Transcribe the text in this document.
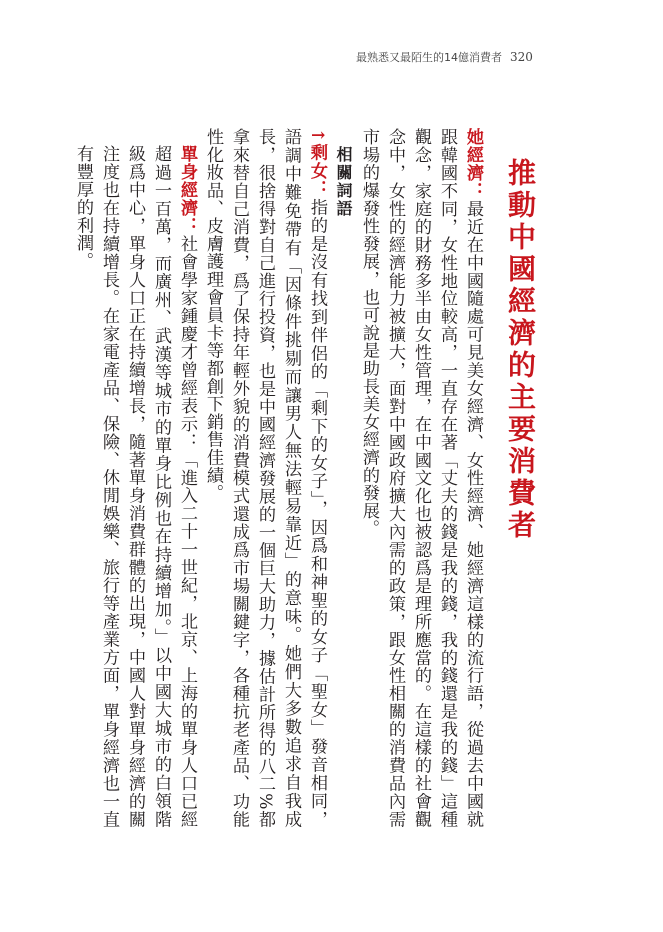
最熟悉又最陌生的14億消費者 320

推動中國經濟的主要消費者

她經濟：最近在中國隨處可見美女經濟、女性經濟、她經濟這樣的流行語，從過去中國就跟韓國不同，女性地位較高，一直存在著「丈夫的錢是我的錢，我的錢還是我的錢」這種觀念，家庭的財務多半由女性管理，在中國文化也被認爲是理所應當的。在這樣的社會觀念中，女性的經濟能力被擴大，面對中國政府擴大內需的政策，跟女性相關的消費品內需市場的爆發性發展，也可說是助長美女經濟的發展。

相關詞語

↑剩女：指的是沒有找到伴侶的「剩下的女子」，因爲和神聖的女子「聖女」發音相同，語調中難免帶有「因條件挑剔而讓男人無法輕易靠近」的意味。她們大多數追求自我成長，很捨得對自己進行投資，也是中國經濟發展的一個巨大助力，據估計所得的八二%都拿來替自己消費，爲了保持年輕外貌的消費模式還成爲市場關鍵字，各種抗老產品、功能性化妝品、皮膚護理會員卡等都創下銷售佳績。

單身經濟：社會學家鍾慶才曾經表示：「進入二十一世紀，北京、上海的單身人口已經超過一百萬，而廣州、武漢等城市的單身比例也在持續增加。」以中國大城市的白領階級爲中心，單身人口正在持續增長，隨著單身消費群體的出現，中國人對單身經濟的關注度也在持續增長。在家電產品、保險、休閒娛樂、旅行等產業方面，單身經濟也一直有豐厚的利潤。
